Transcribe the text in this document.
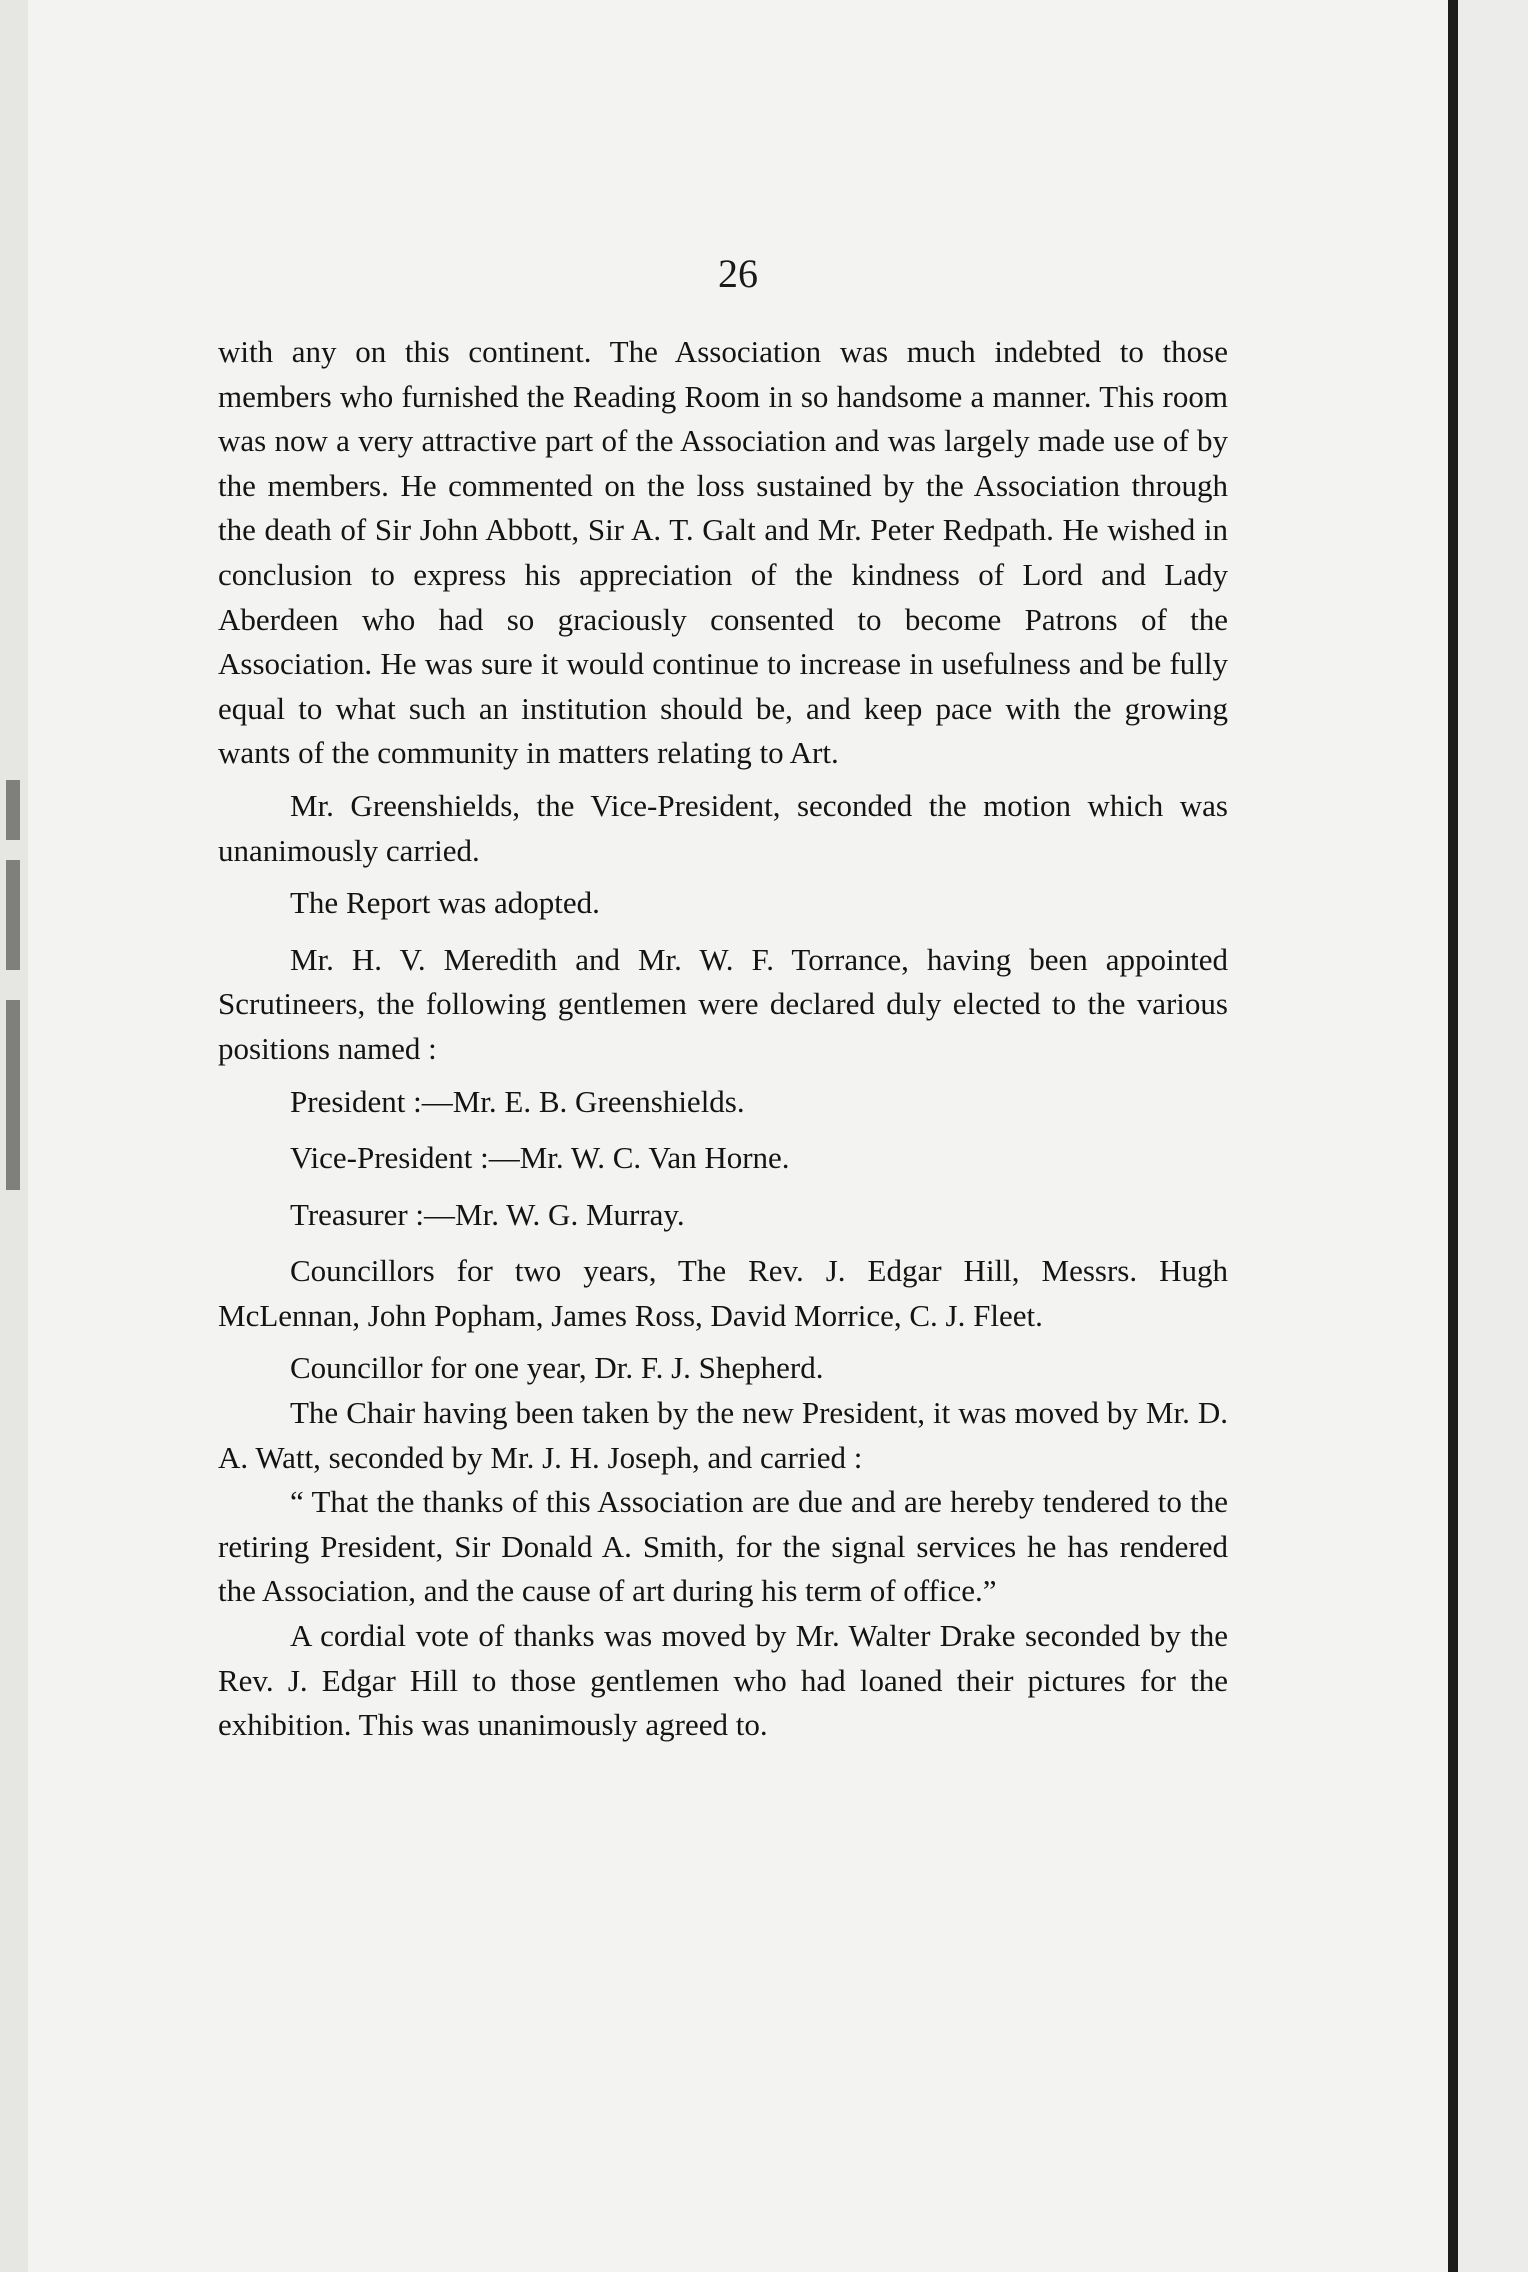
26

with any on this continent. The Association was much indebted to those members who furnished the Reading Room in so handsome a manner. This room was now a very attractive part of the Association and was largely made use of by the members. He commented on the loss sustained by the Association through the death of Sir John Abbott, Sir A. T. Galt and Mr. Peter Redpath. He wished in conclusion to express his appreciation of the kindness of Lord and Lady Aberdeen who had so graciously consented to become Patrons of the Association. He was sure it would continue to increase in usefulness and be fully equal to what such an institution should be, and keep pace with the growing wants of the community in matters relating to Art.

Mr. Greenshields, the Vice-President, seconded the motion which was unanimously carried.

The Report was adopted.

Mr. H. V. Meredith and Mr. W. F. Torrance, having been appointed Scrutineers, the following gentlemen were declared duly elected to the various positions named :

President :—Mr. E. B. Greenshields.

Vice-President :—Mr. W. C. Van Horne.

Treasurer :—Mr. W. G. Murray.

Councillors for two years, The Rev. J. Edgar Hill, Messrs. Hugh McLennan, John Popham, James Ross, David Morrice, C. J. Fleet.

Councillor for one year, Dr. F. J. Shepherd.

The Chair having been taken by the new President, it was moved by Mr. D. A. Watt, seconded by Mr. J. H. Joseph, and carried :

“ That the thanks of this Association are due and are hereby tendered to the retiring President, Sir Donald A. Smith, for the signal services he has rendered the Association, and the cause of art during his term of office.”

A cordial vote of thanks was moved by Mr. Walter Drake seconded by the Rev. J. Edgar Hill to those gentlemen who had loaned their pictures for the exhibition. This was unanimously agreed to.
